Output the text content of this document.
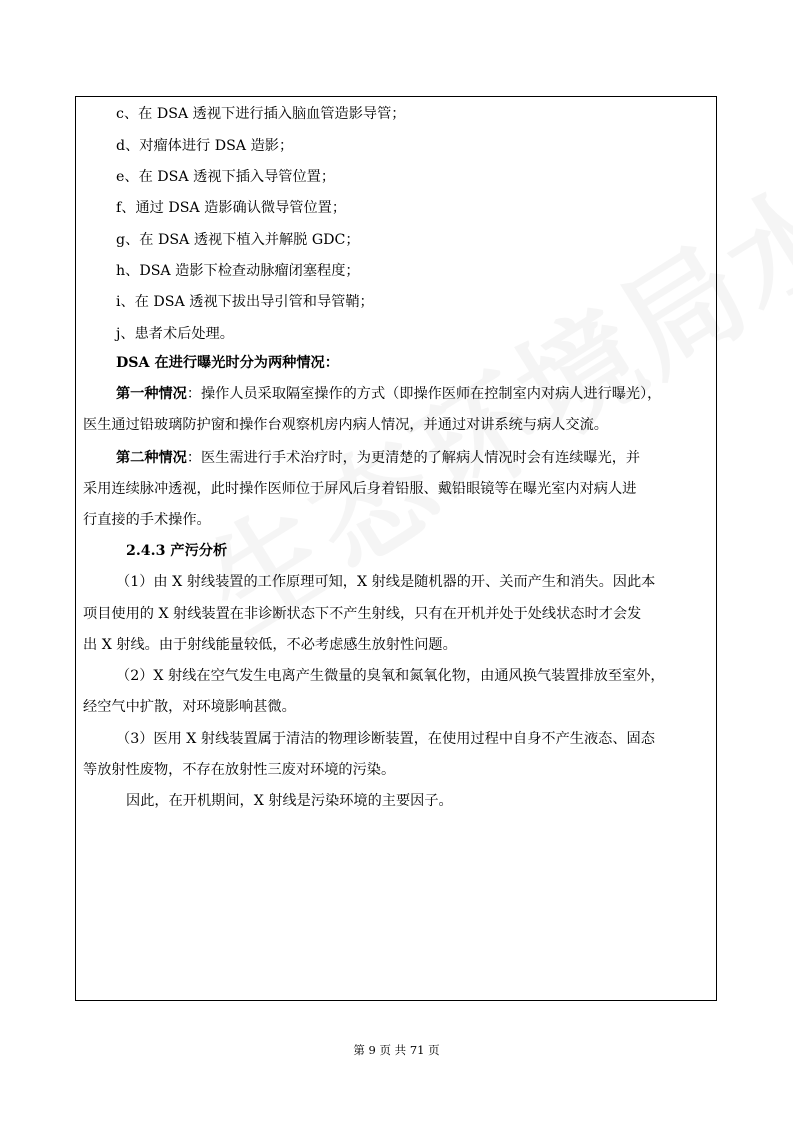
c、在 DSA 透视下进行插入脑血管造影导管；
d、对瘤体进行 DSA 造影；
e、在 DSA 透视下插入导管位置；
f、通过 DSA 造影确认微导管位置；
g、在 DSA 透视下植入并解脱 GDC；
h、DSA 造影下检查动脉瘤闭塞程度；
i、在 DSA 透视下拔出导引管和导管鞘；
j、患者术后处理。
DSA 在进行曝光时分为两种情况：
第一种情况：操作人员采取隔室操作的方式（即操作医师在控制室内对病人进行曝光），
医生通过铅玻璃防护窗和操作台观察机房内病人情况，并通过对讲系统与病人交流。
第二种情况：医生需进行手术治疗时，为更清楚的了解病人情况时会有连续曝光，并
采用连续脉冲透视，此时操作医师位于屏风后身着铅服、戴铅眼镜等在曝光室内对病人进
行直接的手术操作。
2.4.3 产污分析
（1）由 X 射线装置的工作原理可知，X 射线是随机器的开、关而产生和消失。因此本
项目使用的 X 射线装置在非诊断状态下不产生射线，只有在开机并处于处线状态时才会发
出 X 射线。由于射线能量较低，不必考虑感生放射性问题。
（2）X 射线在空气发生电离产生微量的臭氧和氮氧化物，由通风换气装置排放至室外，
经空气中扩散，对环境影响甚微。
（3）医用 X 射线装置属于清洁的物理诊断装置，在使用过程中自身不产生液态、固态
等放射性废物，不存在放射性三废对环境的污染。
因此，在开机期间，X 射线是污染环境的主要因子。
第 9 页 共 71 页
